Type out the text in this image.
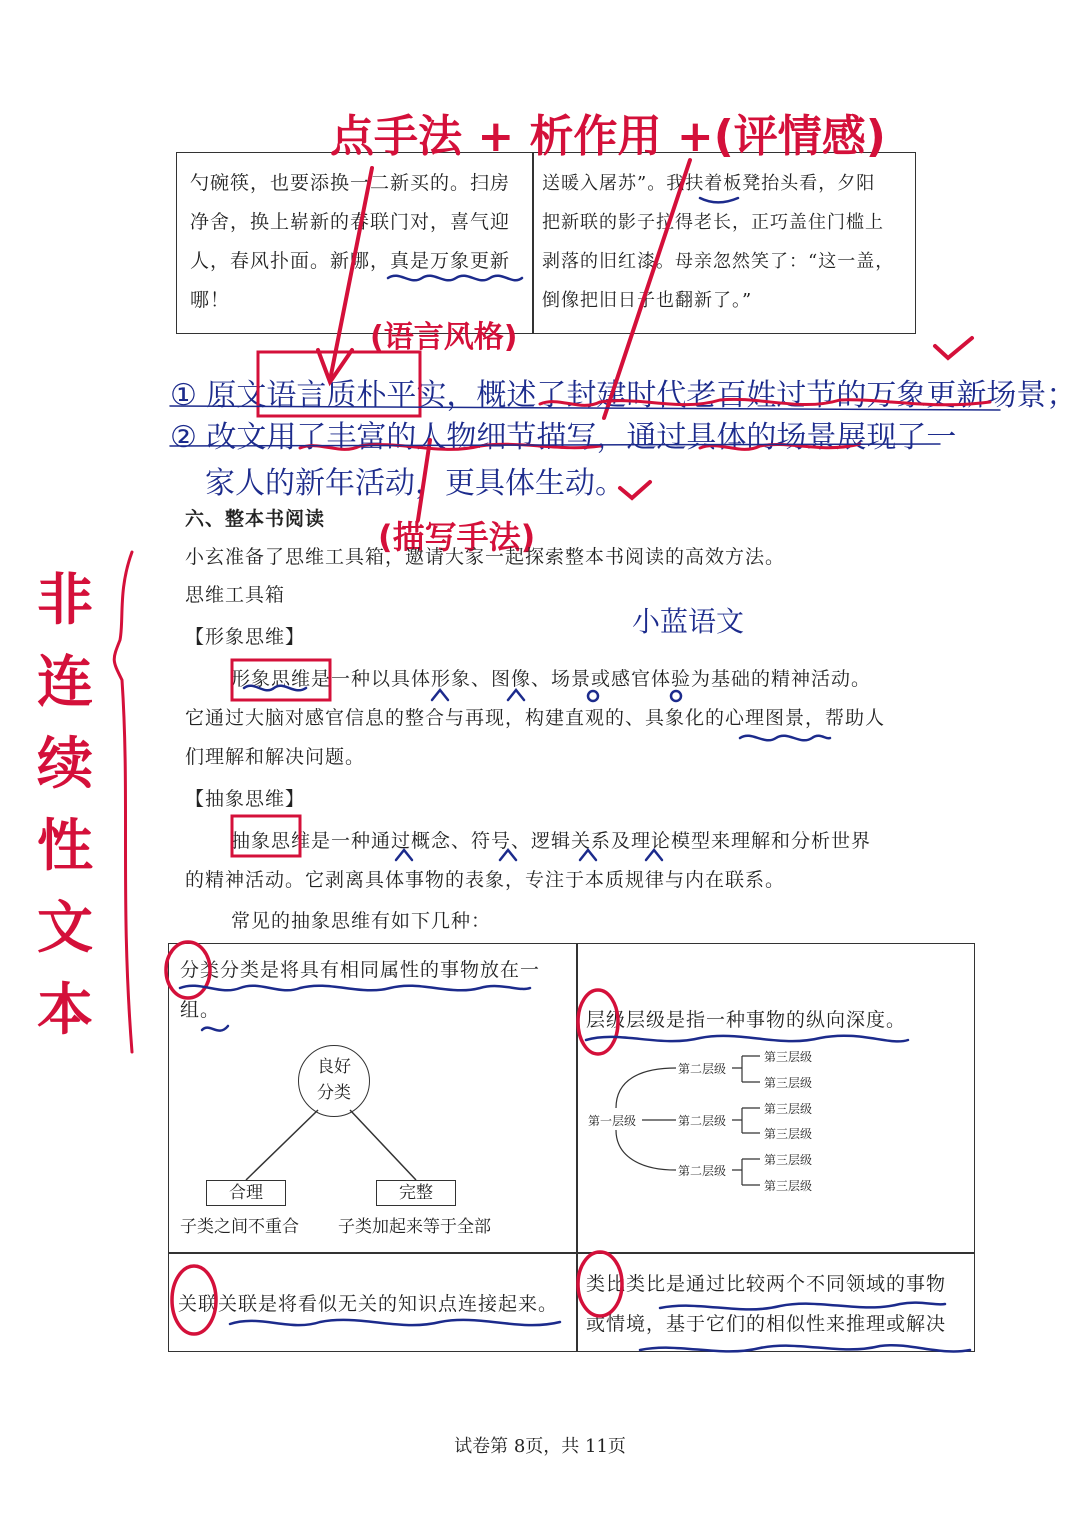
勺碗筷，也要添换一二新买的。扫房
净舍，换上崭新的春联门对，喜气迎
人，春风扑面。新哪，真是万象更新
哪！
送暖入屠苏”。我扶着板凳抬头看，夕阳
把新联的影子拉得老长，正巧盖住门槛上
剥落的旧红漆。母亲忽然笑了：“这一盖，
倒像把旧日子也翻新了。”
点手法 + 析作用 +(评情感)
(语言风格)
① 原文语言质朴平实，概述了封建时代老百姓过节的万象更新场景；
② 改文用了丰富的人物细节描写，通过具体的场景展现了一
家人的新年活动，更具体生动。
(描写手法)
小蓝语文
非
连
续
性
文
本
六、整本书阅读
小玄准备了思维工具箱，邀请大家一起探索整本书阅读的高效方法。
思维工具箱
【形象思维】
形象思维是一种以具体形象、图像、场景或感官体验为基础的精神活动。
它通过大脑对感官信息的整合与再现，构建直观的、具象化的心理图景，帮助人
们理解和解决问题。
【抽象思维】
抽象思维是一种通过概念、符号、逻辑关系及理论模型来理解和分析世界
的精神活动。它剥离具体事物的表象，专注于本质规律与内在联系。
常见的抽象思维有如下几种：
分类分类是将具有相同属性的事物放在一
组。
良好
分类
合理	完整
子类之间不重合 子类加起来等于全部
层级层级是指一种事物的纵向深度。
第一层级
第二层级
第二层级
第二层级
第三层级
第三层级
第三层级
第三层级
第三层级
第三层级
关联关联是将看似无关的知识点连接起来。
类比类比是通过比较两个不同领域的事物
或情境，基于它们的相似性来推理或解决
试卷第 8页，共 11页
